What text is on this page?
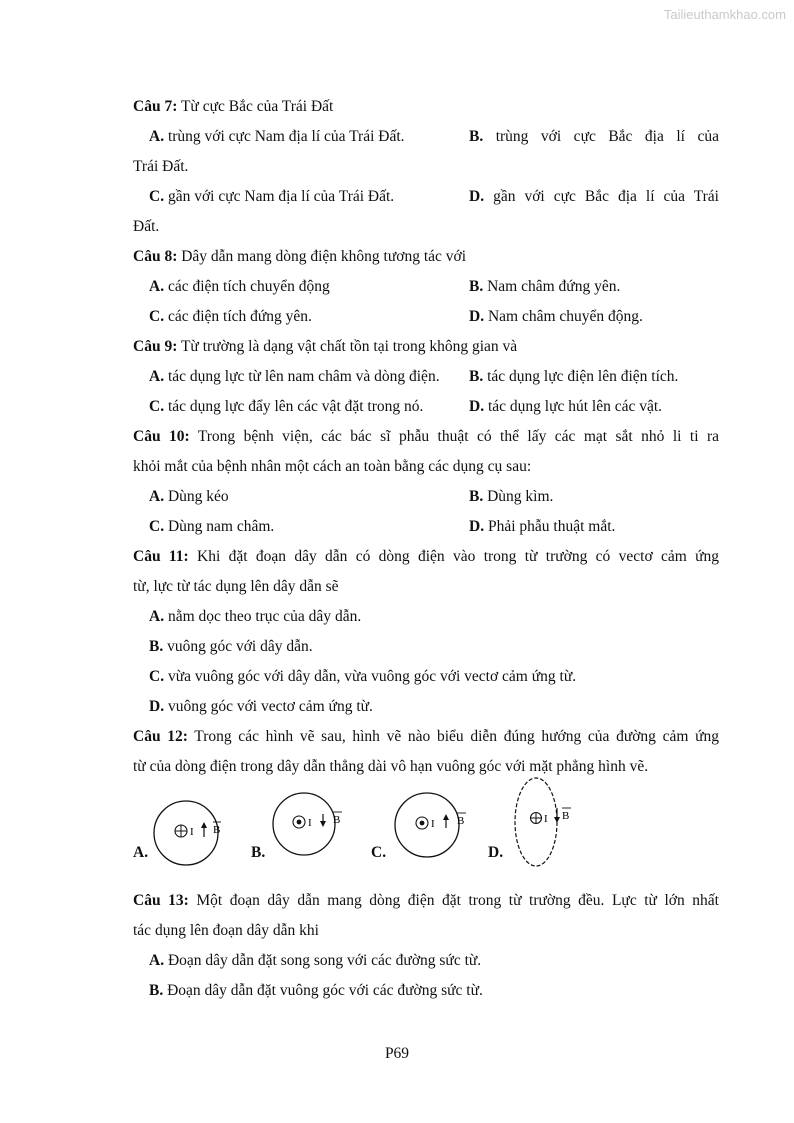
Tailieuthamkhao.com
Câu 7: Từ cực Bắc của Trái Đất
A. trùng với cực Nam địa lí của Trái Đất.	B. trùng với cực Bắc địa lí của
Trái Đất.
C. gần với cực Nam địa lí của Trái Đất.	D. gần với cực Bắc địa lí của Trái
Đất.
Câu 8: Dây dẫn mang dòng điện không tương tác với
A. các điện tích chuyển động	B. Nam châm đứng yên.
C. các điện tích đứng yên.	D. Nam châm chuyển động.
Câu 9: Từ trường là dạng vật chất tồn tại trong không gian và
A. tác dụng lực từ lên nam châm và dòng điện.	B. tác dụng lực điện lên điện tích.
C. tác dụng lực đẩy lên các vật đặt trong nó.	D. tác dụng lực hút lên các vật.
Câu 10: Trong bệnh viện, các bác sĩ phẫu thuật có thể lấy các mạt sắt nhỏ li ti ra
khỏi mắt của bệnh nhân một cách an toàn bằng các dụng cụ sau:
A. Dùng kéo	B. Dùng kìm.
C. Dùng nam châm.	D. Phải phẫu thuật mắt.
Câu 11: Khi đặt đoạn dây dẫn có dòng điện vào trong từ trường có vectơ cảm ứng
từ, lực từ tác dụng lên dây dẫn sẽ
A. nằm dọc theo trục của dây dẫn.
B. vuông góc với dây dẫn.
C. vừa vuông góc với dây dẫn, vừa vuông góc với vectơ cảm ứng từ.
D. vuông góc với vectơ cảm ứng từ.
Câu 12: Trong các hình vẽ sau, hình vẽ nào biểu diễn đúng hướng của đường cảm ứng
từ của dòng điện trong dây dẫn thẳng dài vô hạn vuông góc với mặt phẳng hình vẽ.
I B
A.
I B
B.
I B
C.
I B
D.
Câu 13: Một đoạn dây dẫn mang dòng điện đặt trong từ trường đều. Lực từ lớn nhất
tác dụng lên đoạn dây dẫn khi
A. Đoạn dây dẫn đặt song song với các đường sức từ.
B. Đoạn dây dẫn đặt vuông góc với các đường sức từ.
P69
